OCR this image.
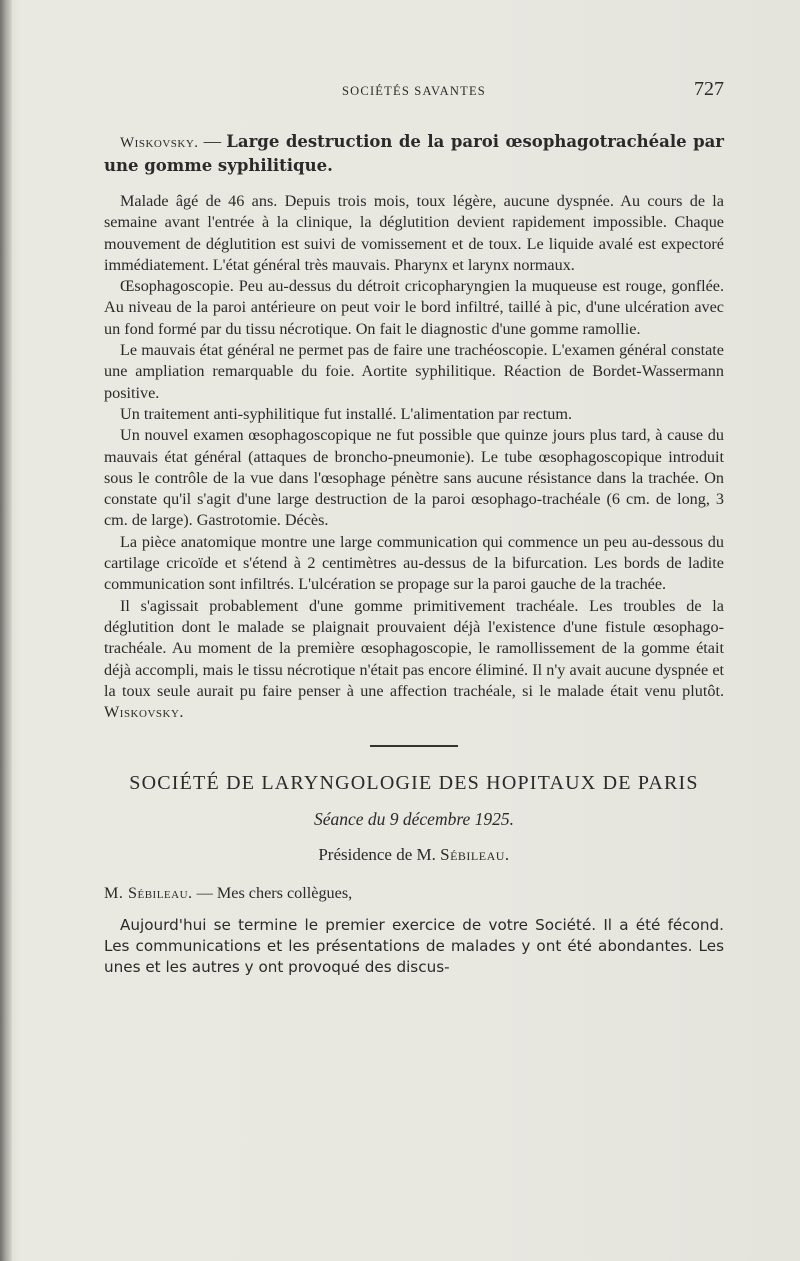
SOCIÉTÉS SAVANTES	727

Wiskovsky. — Large destruction de la paroi œsophagotrachéale par une gomme syphilitique.

Malade âgé de 46 ans. Depuis trois mois, toux légère, aucune dyspnée. Au cours de la semaine avant l'entrée à la clinique, la déglutition devient rapidement impossible. Chaque mouvement de déglutition est suivi de vomissement et de toux. Le liquide avalé est expectoré immédiatement. L'état général très mauvais. Pharynx et larynx normaux.

Œsophagoscopie. Peu au-dessus du détroit cricopharyngien la muqueuse est rouge, gonflée. Au niveau de la paroi antérieure on peut voir le bord infiltré, taillé à pic, d'une ulcération avec un fond formé par du tissu nécrotique. On fait le diagnostic d'une gomme ramollie.

Le mauvais état général ne permet pas de faire une trachéoscopie. L'examen général constate une ampliation remarquable du foie. Aortite syphilitique. Réaction de Bordet-Wassermann positive.

Un traitement anti-syphilitique fut installé. L'alimentation par rectum.

Un nouvel examen œsophagoscopique ne fut possible que quinze jours plus tard, à cause du mauvais état général (attaques de broncho-pneumonie). Le tube œsophagoscopique introduit sous le contrôle de la vue dans l'œsophage pénètre sans aucune résistance dans la trachée. On constate qu'il s'agit d'une large destruction de la paroi œsophago-trachéale (6 cm. de long, 3 cm. de large). Gastrotomie. Décès.

La pièce anatomique montre une large communication qui commence un peu au-dessous du cartilage cricoïde et s'étend à 2 centimètres au-dessus de la bifurcation. Les bords de ladite communication sont infiltrés. L'ulcération se propage sur la paroi gauche de la trachée.

Il s'agissait probablement d'une gomme primitivement trachéale. Les troubles de la déglutition dont le malade se plaignait prouvaient déjà l'existence d'une fistule œsophago-trachéale. Au moment de la première œsophagoscopie, le ramollissement de la gomme était déjà accompli, mais le tissu nécrotique n'était pas encore éliminé. Il n'y avait aucune dyspnée et la toux seule aurait pu faire penser à une affection trachéale, si le malade était venu plutôt. Wiskovsky.

SOCIÉTÉ DE LARYNGOLOGIE DES HOPITAUX DE PARIS
Séance du 9 décembre 1925.
Présidence de M. Sébileau.

M. Sébileau. — Mes chers collègues,

Aujourd'hui se termine le premier exercice de votre Société. Il a été fécond. Les communications et les présentations de malades y ont été abondantes. Les unes et les autres y ont provoqué des discus-
